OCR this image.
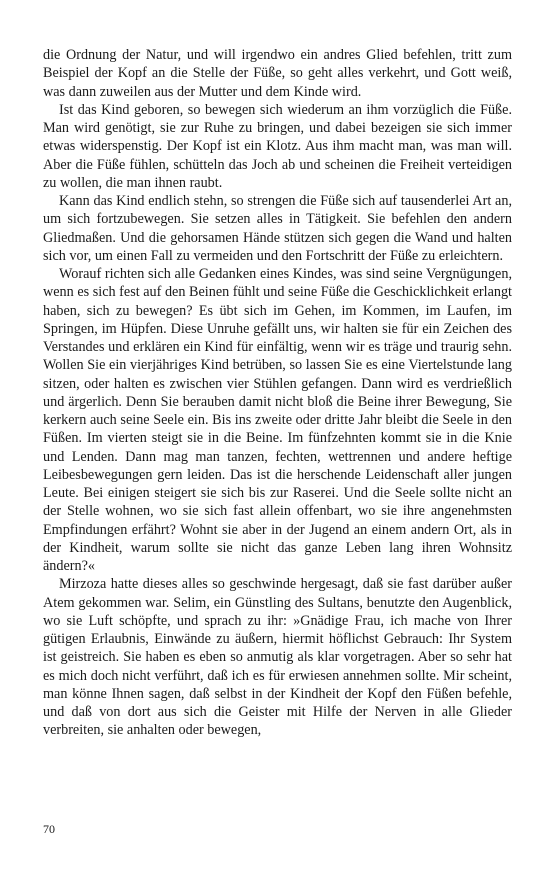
die Ordnung der Natur, und will irgendwo ein andres Glied befehlen, tritt zum Beispiel der Kopf an die Stelle der Füße, so geht alles verkehrt, und Gott weiß, was dann zuweilen aus der Mutter und dem Kinde wird.

Ist das Kind geboren, so bewegen sich wiederum an ihm vorzüglich die Füße. Man wird genötigt, sie zur Ruhe zu bringen, und dabei bezeigen sie sich immer etwas widerspenstig. Der Kopf ist ein Klotz. Aus ihm macht man, was man will. Aber die Füße fühlen, schütteln das Joch ab und scheinen die Freiheit verteidigen zu wollen, die man ihnen raubt.

Kann das Kind endlich stehn, so strengen die Füße sich auf tausenderlei Art an, um sich fortzubewegen. Sie setzen alles in Tätigkeit. Sie befehlen den andern Gliedmaßen. Und die gehorsamen Hände stützen sich gegen die Wand und halten sich vor, um einen Fall zu vermeiden und den Fortschritt der Füße zu erleichtern.

Worauf richten sich alle Gedanken eines Kindes, was sind seine Vergnügungen, wenn es sich fest auf den Beinen fühlt und seine Füße die Geschicklichkeit erlangt haben, sich zu bewegen? Es übt sich im Gehen, im Kommen, im Laufen, im Springen, im Hüpfen. Diese Unruhe gefällt uns, wir halten sie für ein Zeichen des Verstandes und erklären ein Kind für einfältig, wenn wir es träge und traurig sehn. Wollen Sie ein vierjähriges Kind betrüben, so lassen Sie es eine Viertelstunde lang sitzen, oder halten es zwischen vier Stühlen gefangen. Dann wird es verdrießlich und ärgerlich. Denn Sie berauben damit nicht bloß die Beine ihrer Bewegung, Sie kerkern auch seine Seele ein. Bis ins zweite oder dritte Jahr bleibt die Seele in den Füßen. Im vierten steigt sie in die Beine. Im fünfzehnten kommt sie in die Knie und Lenden. Dann mag man tanzen, fechten, wettrennen und andere heftige Leibesbewegungen gern leiden. Das ist die herschende Leidenschaft aller jungen Leute. Bei einigen steigert sie sich bis zur Raserei. Und die Seele sollte nicht an der Stelle wohnen, wo sie sich fast allein offenbart, wo sie ihre angenehmsten Empfindungen erfährt? Wohnt sie aber in der Jugend an einem andern Ort, als in der Kindheit, warum sollte sie nicht das ganze Leben lang ihren Wohnsitz ändern?«

Mirzoza hatte dieses alles so geschwinde hergesagt, daß sie fast darüber außer Atem gekommen war. Selim, ein Günstling des Sultans, benutzte den Augenblick, wo sie Luft schöpfte, und sprach zu ihr: »Gnädige Frau, ich mache von Ihrer gütigen Erlaubnis, Einwände zu äußern, hiermit höflichst Gebrauch: Ihr System ist geistreich. Sie haben es eben so anmutig als klar vorgetragen. Aber so sehr hat es mich doch nicht verführt, daß ich es für erwiesen annehmen sollte. Mir scheint, man könne Ihnen sagen, daß selbst in der Kindheit der Kopf den Füßen befehle, und daß von dort aus sich die Geister mit Hilfe der Nerven in alle Glieder verbreiten, sie anhalten oder bewegen,

70
